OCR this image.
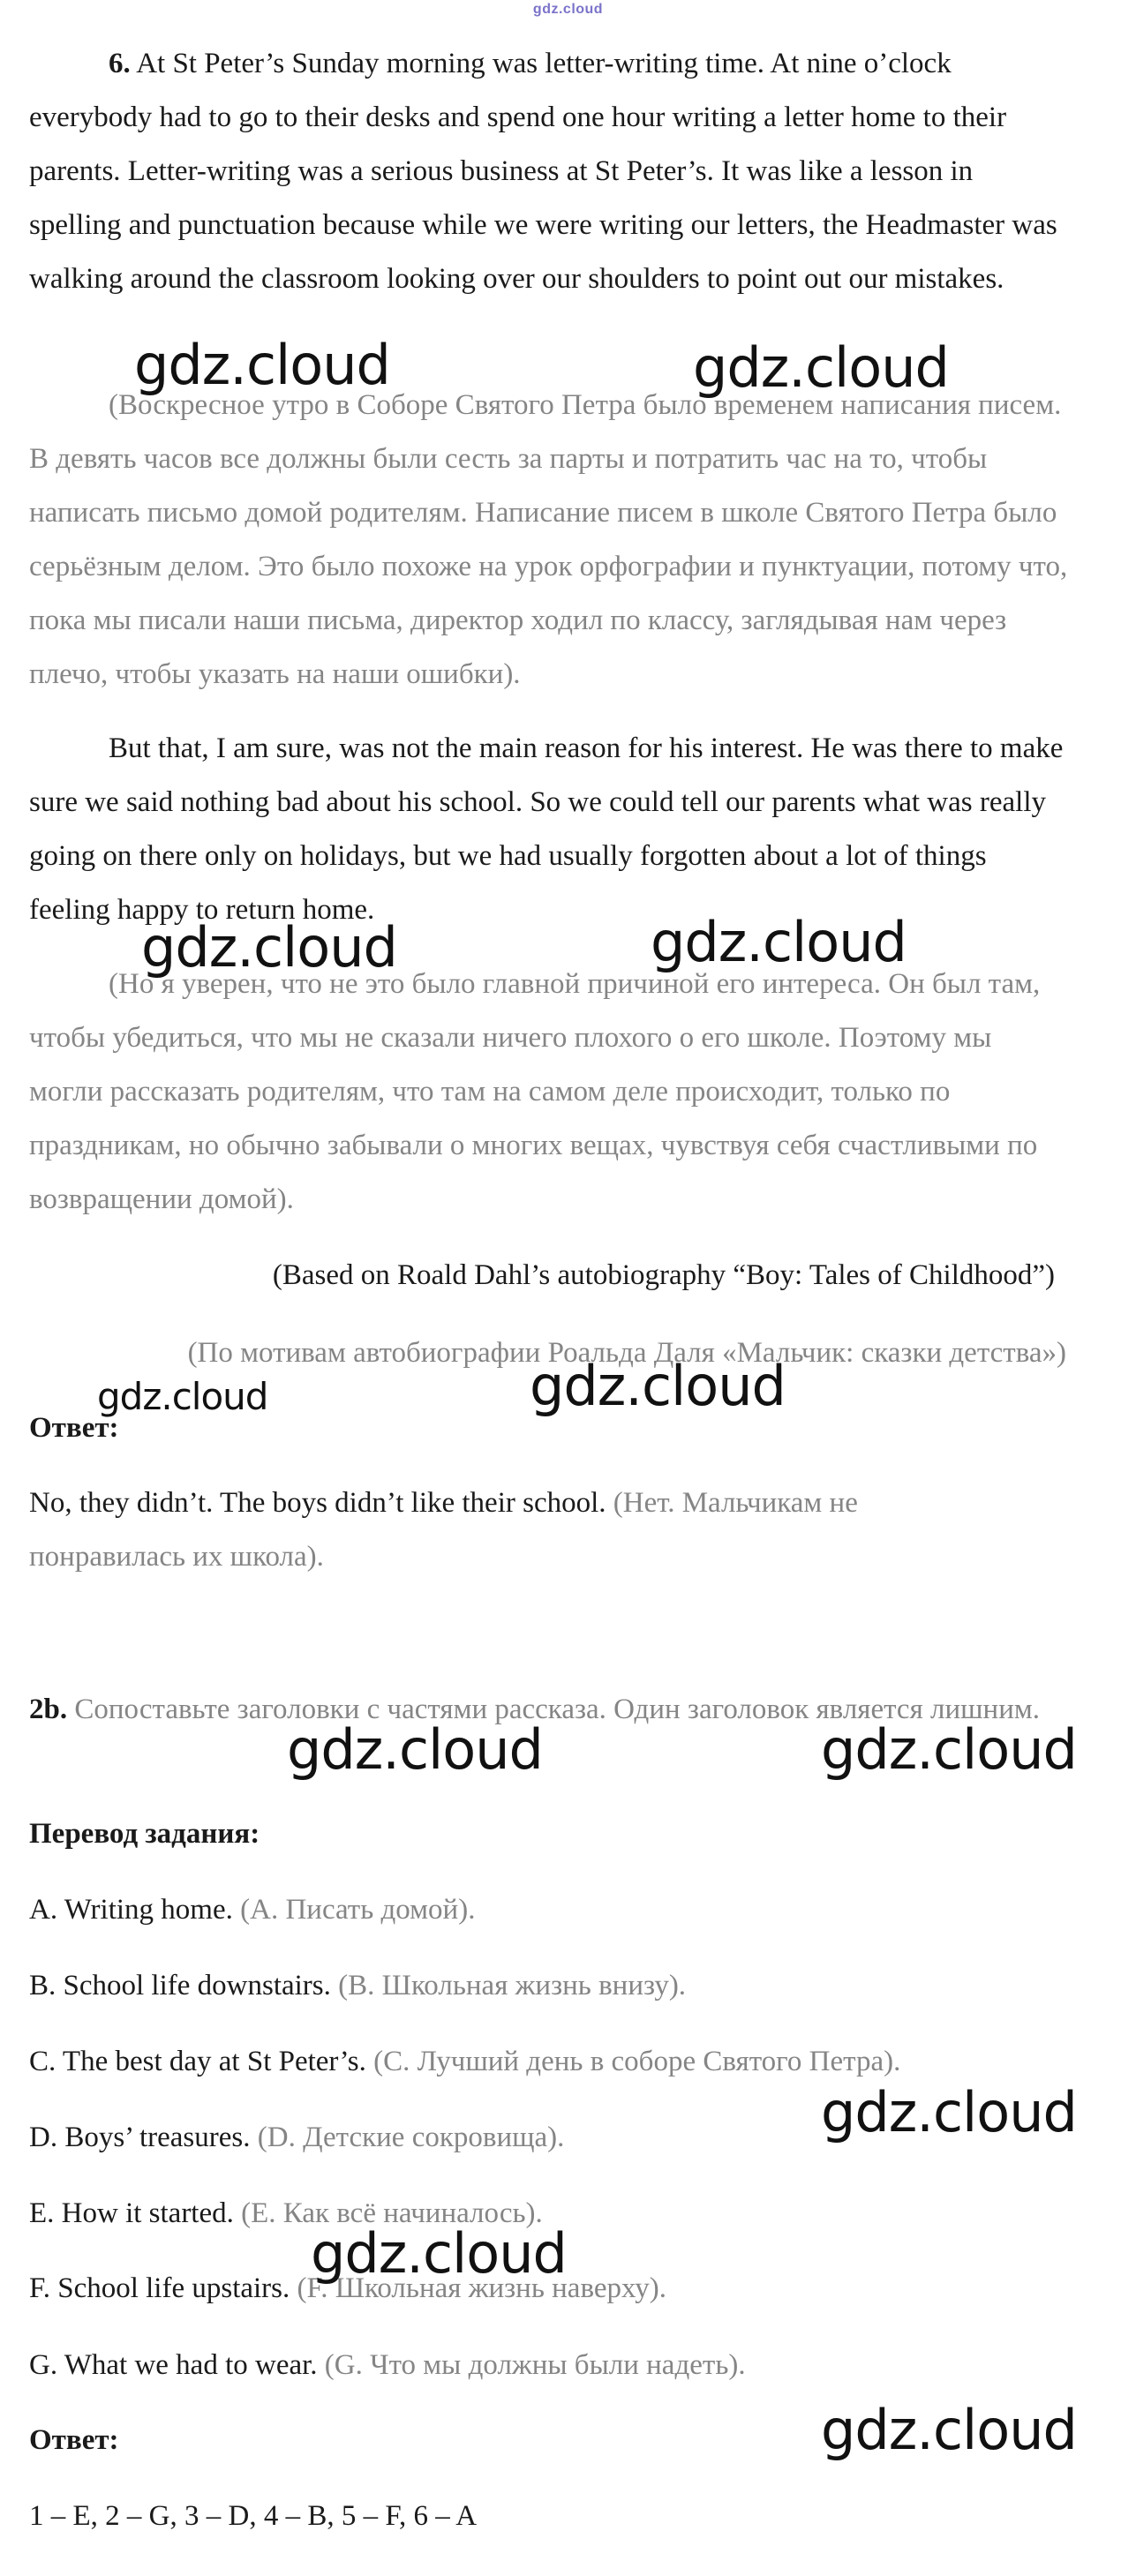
gdz.cloud

6. At St Peter’s Sunday morning was letter-writing time. At nine o’clock everybody had to go to their desks and spend one hour writing a letter home to their parents. Letter-writing was a serious business at St Peter’s. It was like a lesson in spelling and punctuation because while we were writing our letters, the Headmaster was walking around the classroom looking over our shoulders to point out our mistakes.

(Воскресное утро в Соборе Святого Петра было временем написания писем. В девять часов все должны были сесть за парты и потратить час на то, чтобы написать письмо домой родителям. Написание писем в школе Святого Петра было серьёзным делом. Это было похоже на урок орфографии и пунктуации, потому что, пока мы писали наши письма, директор ходил по классу, заглядывая нам через плечо, чтобы указать на наши ошибки).

But that, I am sure, was not the main reason for his interest. He was there to make sure we said nothing bad about his school. So we could tell our parents what was really going on there only on holidays, but we had usually forgotten about a lot of things feeling happy to return home.

(Но я уверен, что не это было главной причиной его интереса. Он был там, чтобы убедиться, что мы не сказали ничего плохого о его школе. Поэтому мы могли рассказать родителям, что там на самом деле происходит, только по праздникам, но обычно забывали о многих вещах, чувствуя себя счастливыми по возвращении домой).

(Based on Roald Dahl’s autobiography “Boy: Tales of Childhood”)

(По мотивам автобиографии Роальда Даля «Мальчик: сказки детства»)

Ответ:

No, they didn’t. The boys didn’t like their school. (Нет. Мальчикам не понравилась их школа).

2b. Сопоставьте заголовки с частями рассказа. Один заголовок является лишним.

Перевод задания:

A. Writing home. (A. Писать домой).

B. School life downstairs. (B. Школьная жизнь внизу).

C. The best day at St Peter’s. (C. Лучший день в соборе Святого Петра).

D. Boys’ treasures. (D. Детские сокровища).

E. How it started. (E. Как всё начиналось).

F. School life upstairs. (F. Школьная жизнь наверху).

G. What we had to wear. (G. Что мы должны были надеть).

Ответ:

1 – E, 2 – G, 3 – D, 4 – B, 5 – F, 6 – A

gdz.cloud	gdz.cloud
gdz.cloud	gdz.cloud
gdz.cloud	gdz.cloud
gdz.cloud	gdz.cloud
gdz.cloud
gdz.cloud
gdz.cloud
